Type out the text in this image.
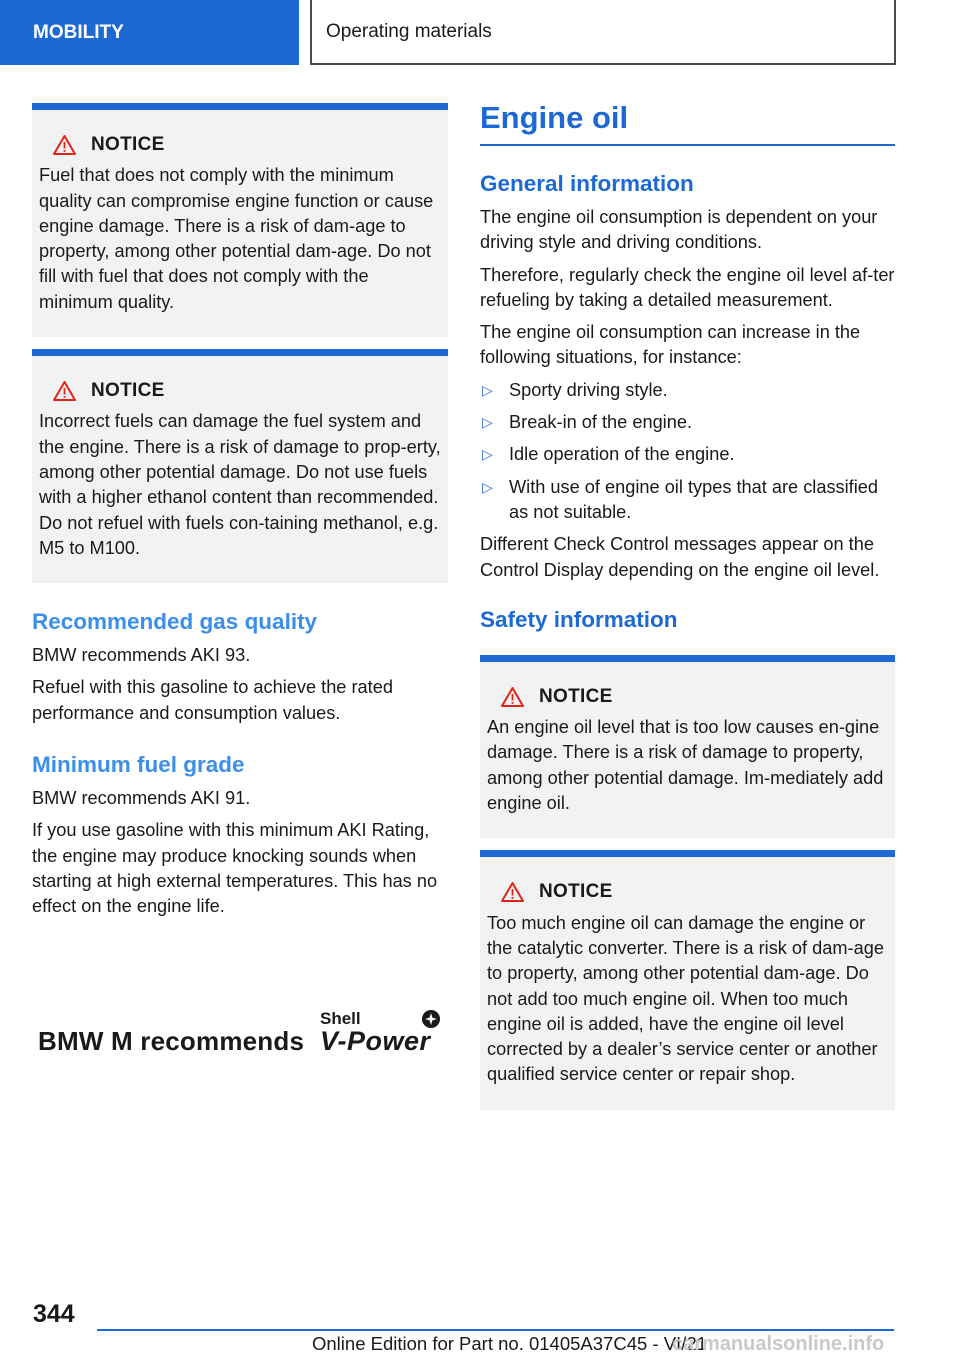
MOBILITY	Operating materials
NOTICE

Fuel that does not comply with the minimum quality can compromise engine function or cause engine damage. There is a risk of dam-age to property, among other potential dam-age. Do not fill with fuel that does not comply with the minimum quality.

NOTICE

Incorrect fuels can damage the fuel system and the engine. There is a risk of damage to prop-erty, among other potential damage. Do not use fuels with a higher ethanol content than recommended. Do not refuel with fuels con-taining methanol, e.g. M5 to M100.

Recommended gas quality

BMW recommends AKI 93.

Refuel with this gasoline to achieve the rated performance and consumption values.

Minimum fuel grade

BMW recommends AKI 91.

If you use gasoline with this minimum AKI Rating, the engine may produce knocking sounds when starting at high external temperatures. This has no effect on the engine life.

BMW M recommends
Shell
V-Power
Engine oil
General information

The engine oil consumption is dependent on your driving style and driving conditions.

Therefore, regularly check the engine oil level af-ter refueling by taking a detailed measurement.

The engine oil consumption can increase in the following situations, for instance:

▷ Sporty driving style.
▷ Break-in of the engine.
▷ Idle operation of the engine.
▷ With use of engine oil types that are classified as not suitable.

Different Check Control messages appear on the Control Display depending on the engine oil level.

Safety information
NOTICE

An engine oil level that is too low causes en-gine damage. There is a risk of damage to property, among other potential damage. Im-mediately add engine oil.

NOTICE

Too much engine oil can damage the engine or the catalytic converter. There is a risk of dam-age to property, among other potential dam-age. Do not add too much engine oil. When too much engine oil is added, have the engine oil level corrected by a dealer’s service center or another qualified service center or repair shop.

344
Online Edition for Part no. 01405A37C45 - VI/21
carmanualsonline.info
